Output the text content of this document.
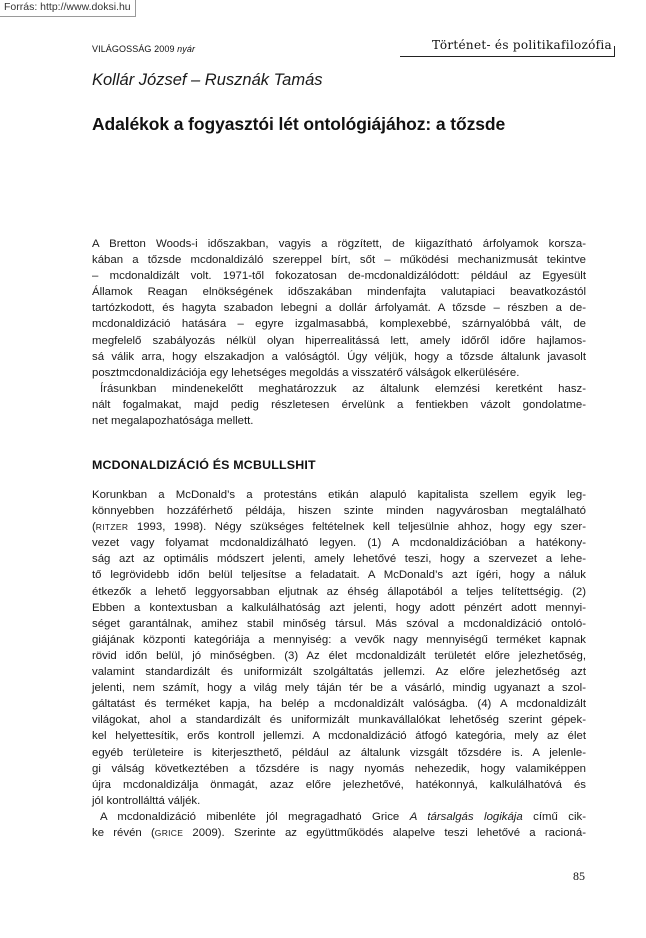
Forrás: http://www.doksi.hu
VILÁGOSSÁG 2009 nyár	Történet- és politikafilozófia
Kollár József – Rusznák Tamás
Adalékok a fogyasztói lét ontológiájához: a tőzsde
A Bretton Woods-i időszakban, vagyis a rögzített, de kiigazítható árfolyamok korsza-
kában a tőzsde mcdonaldizáló szereppel bírt, sőt – működési mechanizmusát tekintve
– mcdonaldizált volt. 1971-től fokozatosan de-mcdonaldizálódott: például az Egyesült
Államok Reagan elnökségének időszakában mindenfajta valutapiaci beavatkozástól
tartózkodott, és hagyta szabadon lebegni a dollár árfolyamát. A tőzsde – részben a de-
mcdonaldizáció hatására – egyre izgalmasabbá, komplexebbé, szárnyalóbbá vált, de
megfelelő szabályozás nélkül olyan hiperrealitássá lett, amely időről időre hajlamos-
sá válik arra, hogy elszakadjon a valóságtól. Úgy véljük, hogy a tőzsde általunk javasolt
posztmcdonaldizációja egy lehetséges megoldás a visszatérő válságok elkerülésére.
Írásunkban mindenekelőtt meghatározzuk az általunk elemzési keretként hasz-
nált fogalmakat, majd pedig részletesen érvelünk a fentiekben vázolt gondolatme-
net megalapozhatósága mellett.
MCDONALDIZÁCIÓ ÉS MCBULLSHIT
Korunkban a McDonald’s a protestáns etikán alapuló kapitalista szellem egyik leg-
könnyebben hozzáférhető példája, hiszen szinte minden nagyvárosban megtalálható
(RITZER 1993, 1998). Négy szükséges feltételnek kell teljesülnie ahhoz, hogy egy szer-
vezet vagy folyamat mcdonaldizálható legyen. (1) A mcdonaldizációban a hatékony-
ság azt az optimális módszert jelenti, amely lehetővé teszi, hogy a szervezet a lehe-
tő legrövidebb időn belül teljesítse a feladatait. A McDonald’s azt ígéri, hogy a náluk
étkezők a lehető leggyorsabban eljutnak az éhség állapotából a teljes telítettségig. (2)
Ebben a kontextusban a kalkulálhatóság azt jelenti, hogy adott pénzért adott mennyi-
séget garantálnak, amihez stabil minőség társul. Más szóval a mcdonaldizáció ontoló-
giájának központi kategóriája a mennyiség: a vevők nagy mennyiségű terméket kapnak
rövid időn belül, jó minőségben. (3) Az élet mcdonaldizált területét előre jelezhetőség,
valamint standardizált és uniformizált szolgáltatás jellemzi. Az előre jelezhetőség azt
jelenti, nem számít, hogy a világ mely táján tér be a vásárló, mindig ugyanazt a szol-
gáltatást és terméket kapja, ha belép a mcdonaldizált valóságba. (4) A mcdonaldizált
világokat, ahol a standardizált és uniformizált munkavállalókat lehetőség szerint gépek-
kel helyettesítik, erős kontroll jellemzi. A mcdonaldizáció átfogó kategória, mely az élet
egyéb területeire is kiterjeszthető, például az általunk vizsgált tőzsdére is. A jelenle-
gi válság következtében a tőzsdére is nagy nyomás nehezedik, hogy valamiképpen
újra mcdonaldizálja önmagát, azaz előre jelezhetővé, hatékonnyá, kalkulálhatóvá és
jól kontrollálttá váljék.
A mcdonaldizáció mibenléte jól megragadható Grice A társalgás logikája című cik-
ke révén (GRICE 2009). Szerinte az együttműködés alapelve teszi lehetővé a racioná-
85
